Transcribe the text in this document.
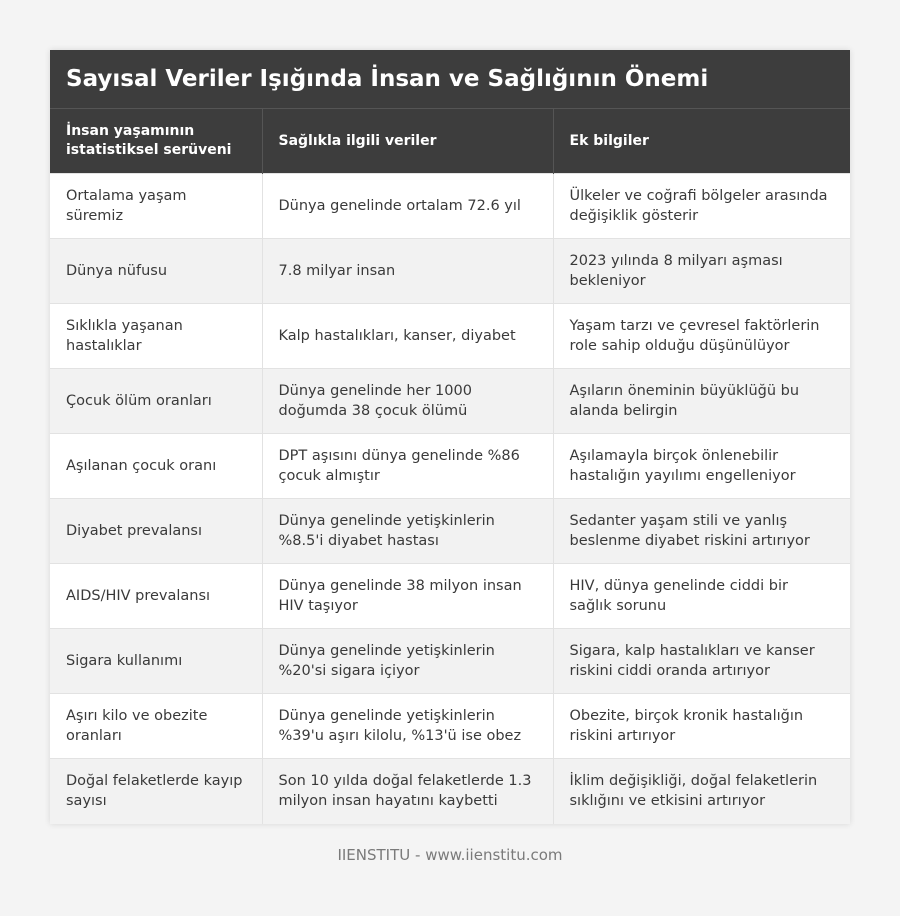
Sayısal Veriler Işığında İnsan ve Sağlığının Önemi
İnsan yaşamının istatistiksel serüveni	Sağlıkla ilgili veriler	Ek bilgiler
Ortalama yaşam süremiz	Dünya genelinde ortalam 72.6 yıl	Ülkeler ve coğrafi bölgeler arasında değişiklik gösterir
Dünya nüfusu	7.8 milyar insan	2023 yılında 8 milyarı aşması bekleniyor
Sıklıkla yaşanan hastalıklar	Kalp hastalıkları, kanser, diyabet	Yaşam tarzı ve çevresel faktörlerin role sahip olduğu düşünülüyor
Çocuk ölüm oranları	Dünya genelinde her 1000 doğumda 38 çocuk ölümü	Aşıların öneminin büyüklüğü bu alanda belirgin
Aşılanan çocuk oranı	DPT aşısını dünya genelinde %86 çocuk almıştır	Aşılamayla birçok önlenebilir hastalığın yayılımı engelleniyor
Diyabet prevalansı	Dünya genelinde yetişkinlerin %8.5'i diyabet hastası	Sedanter yaşam stili ve yanlış beslenme diyabet riskini artırıyor
AIDS/HIV prevalansı	Dünya genelinde 38 milyon insan HIV taşıyor	HIV, dünya genelinde ciddi bir sağlık sorunu
Sigara kullanımı	Dünya genelinde yetişkinlerin %20'si sigara içiyor	Sigara, kalp hastalıkları ve kanser riskini ciddi oranda artırıyor
Aşırı kilo ve obezite oranları	Dünya genelinde yetişkinlerin %39'u aşırı kilolu, %13'ü ise obez	Obezite, birçok kronik hastalığın riskini artırıyor
Doğal felaketlerde kayıp sayısı	Son 10 yılda doğal felaketlerde 1.3 milyon insan hayatını kaybetti	İklim değişikliği, doğal felaketlerin sıklığını ve etkisini artırıyor
IIENSTITU - www.iienstitu.com
